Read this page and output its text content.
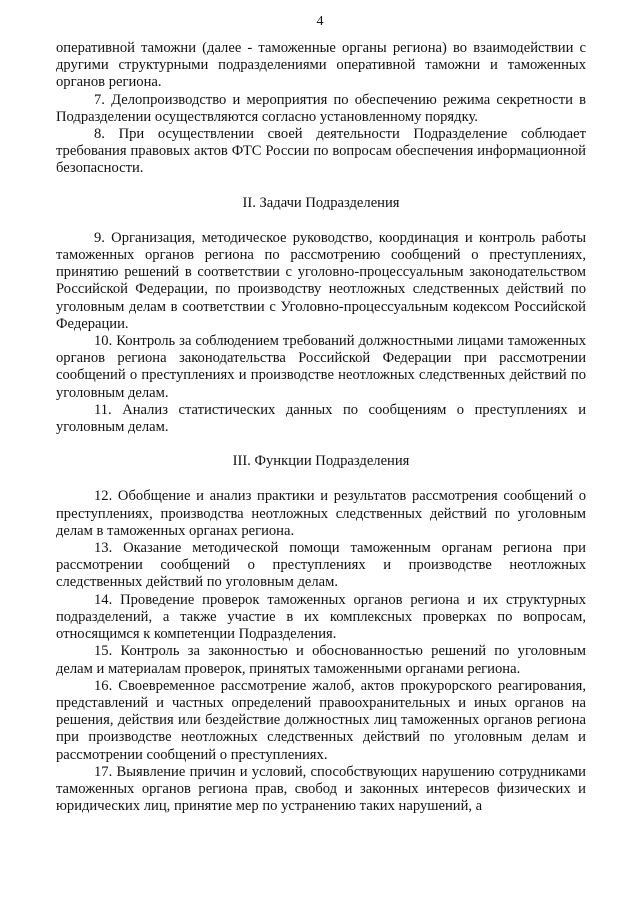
4

оперативной таможни (далее - таможенные органы региона) во взаимодействии с другими структурными подразделениями оперативной таможни и таможенных органов региона.

7. Делопроизводство и мероприятия по обеспечению режима секретности в Подразделении осуществляются согласно установленному порядку.

8. При осуществлении своей деятельности Подразделение соблюдает требования правовых актов ФТС России по вопросам обеспечения информационной безопасности.

II. Задачи Подразделения

9. Организация, методическое руководство, координация и контроль работы таможенных органов региона по рассмотрению сообщений о преступлениях, принятию решений в соответствии с уголовно-процессуальным законодательством Российской Федерации, по производству неотложных следственных действий по уголовным делам в соответствии с Уголовно-процессуальным кодексом Российской Федерации.

10. Контроль за соблюдением требований должностными лицами таможенных органов региона законодательства Российской Федерации при рассмотрении сообщений о преступлениях и производстве неотложных следственных действий по уголовным делам.

11. Анализ статистических данных по сообщениям о преступлениях и уголовным делам.

III. Функции Подразделения

12. Обобщение и анализ практики и результатов рассмотрения сообщений о преступлениях, производства неотложных следственных действий по уголовным делам в таможенных органах региона.

13. Оказание методической помощи таможенным органам региона при рассмотрении сообщений о преступлениях и производстве неотложных следственных действий по уголовным делам.

14. Проведение проверок таможенных органов региона и их структурных подразделений, а также участие в их комплексных проверках по вопросам, относящимся к компетенции Подразделения.

15. Контроль за законностью и обоснованностью решений по уголовным делам и материалам проверок, принятых таможенными органами региона.

16. Своевременное рассмотрение жалоб, актов прокурорского реагирования, представлений и частных определений правоохранительных и иных органов на решения, действия или бездействие должностных лиц таможенных органов региона при производстве неотложных следственных действий по уголовным делам и рассмотрении сообщений о преступлениях.

17. Выявление причин и условий, способствующих нарушению сотрудниками таможенных органов региона прав, свобод и законных интересов физических и юридических лиц, принятие мер по устранению таких нарушений, а
